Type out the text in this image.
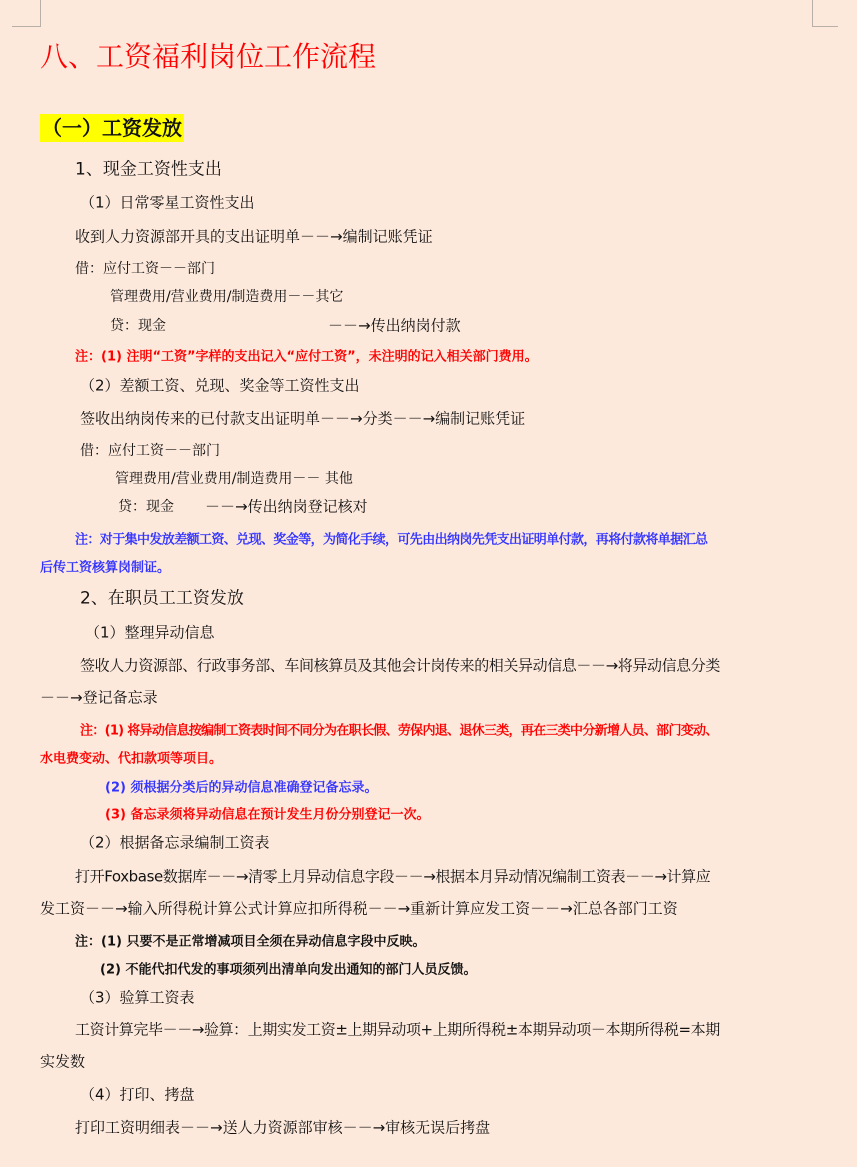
八、工资福利岗位工作流程
（一）工资发放
1、现金工资性支出
（1）日常零星工资性支出
收到人力资源部开具的支出证明单－－→编制记账凭证
借：应付工资－－部门
管理费用/营业费用/制造费用－－其它
贷：现金	－－→传出纳岗付款
注：(1) 注明“工资”字样的支出记入“应付工资”，未注明的记入相关部门费用。
（2）差额工资、兑现、奖金等工资性支出
签收出纳岗传来的已付款支出证明单－－→分类－－→编制记账凭证
借：应付工资－－部门
管理费用/营业费用/制造费用－－ 其他
贷：现金 －－→传出纳岗登记核对
注：对于集中发放差额工资、兑现、奖金等，为简化手续，可先由出纳岗先凭支出证明单付款，再将付款将单据汇总
后传工资核算岗制证。
2、在职员工工资发放
（1）整理异动信息
签收人力资源部、行政事务部、车间核算员及其他会计岗传来的相关异动信息－－→将异动信息分类
－－→登记备忘录
注：(1) 将异动信息按编制工资表时间不同分为在职长假、劳保内退、退休三类，再在三类中分新增人员、部门变动、
水电费变动、代扣款项等项目。
(2) 须根据分类后的异动信息准确登记备忘录。
(3) 备忘录须将异动信息在预计发生月份分别登记一次。
（2）根据备忘录编制工资表
打开Foxbase数据库－－→清零上月异动信息字段－－→根据本月异动情况编制工资表－－→计算应
发工资－－→输入所得税计算公式计算应扣所得税－－→重新计算应发工资－－→汇总各部门工资
注：(1) 只要不是正常增减项目全须在异动信息字段中反映。
(2) 不能代扣代发的事项须列出清单向发出通知的部门人员反馈。
（3）验算工资表
工资计算完毕－－→验算：上期实发工资±上期异动项+上期所得税±本期异动项－本期所得税=本期
实发数
（4）打印、拷盘
打印工资明细表－－→送人力资源部审核－－→审核无误后拷盘
